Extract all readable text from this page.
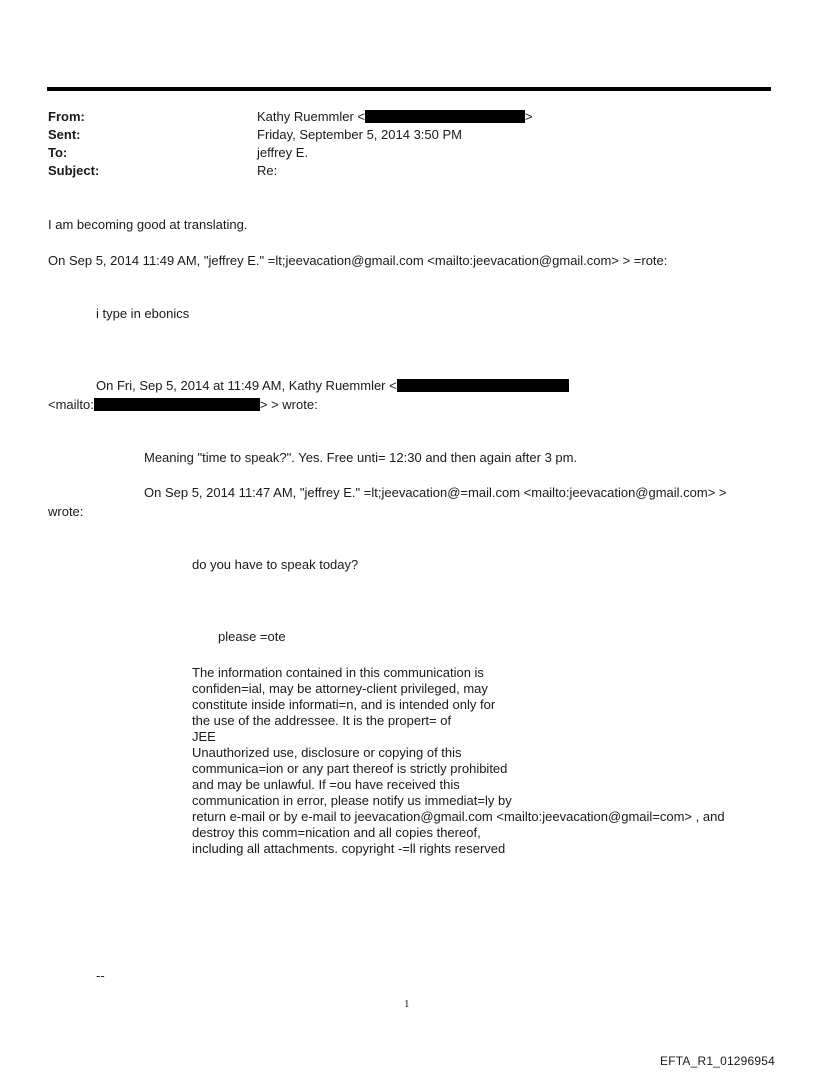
From:	Kathy Ruemmler <	>
Sent:	Friday, September 5, 2014 3:50 PM
To:	jeffrey E.
Subject:	Re:
I am becoming good at translating.
On Sep 5, 2014 11:49 AM, "jeffrey E." =lt;jeevacation@gmail.com <mailto:jeevacation@gmail.com> > =rote:
i type in ebonics
On Fri, Sep 5, 2014 at 11:49 AM, Kathy Ruemmler <
<mailto:	> > wrote:
Meaning "time to speak?". Yes. Free unti= 12:30 and then again after 3 pm.
On Sep 5, 2014 11:47 AM, "jeffrey E." =lt;jeevacation@=mail.com <mailto:jeevacation@gmail.com> >
wrote:
do you have to speak today?
please =ote
The information contained in this communication is
confiden=ial, may be attorney-client privileged, may
constitute inside informati=n, and is intended only for
the use of the addressee. It is the propert= of
JEE
Unauthorized use, disclosure or copying of this
communica=ion or any part thereof is strictly prohibited
and may be unlawful. If =ou have received this
communication in error, please notify us immediat=ly by
return e-mail or by e-mail to jeevacation@gmail.com <mailto:jeevacation@gmail=com> , and
destroy this comm=nication and all copies thereof,
including all attachments. copyright -=ll rights reserved
--
1
EFTA_R1_01296954
